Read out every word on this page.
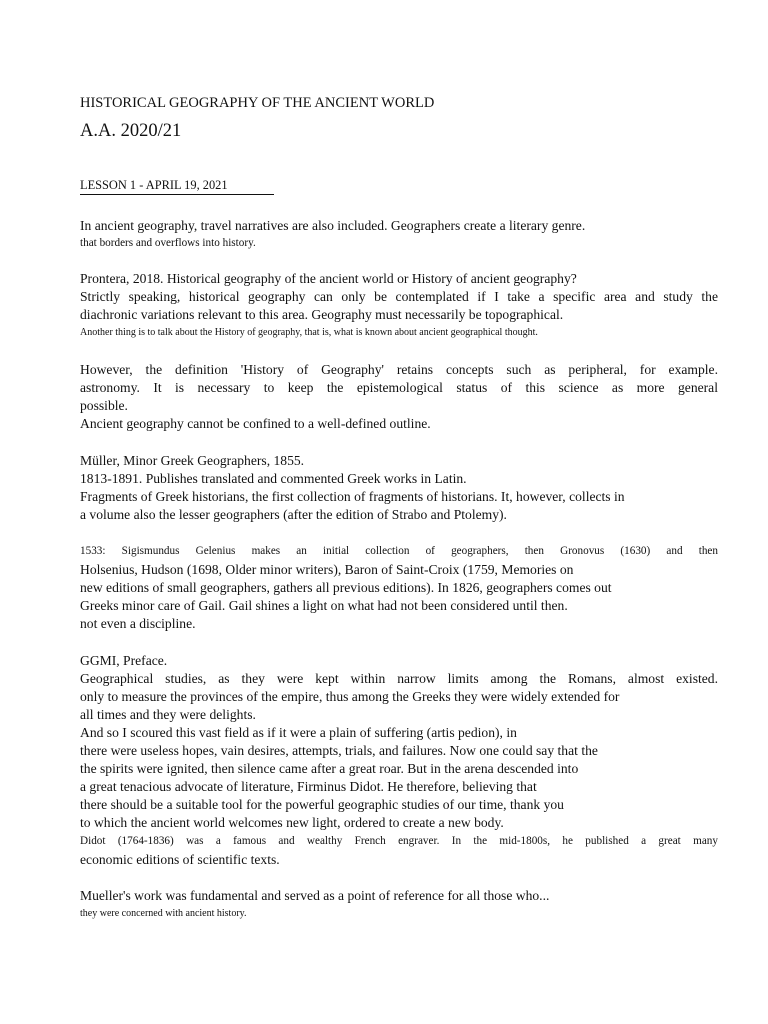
HISTORICAL GEOGRAPHY OF THE ANCIENT WORLD
A.A. 2020/21
LESSON 1 - APRIL 19, 2021
In ancient geography, travel narratives are also included. Geographers create a literary genre.
that borders and overflows into history.
Prontera, 2018. Historical geography of the ancient world or History of ancient geography?
Strictly speaking, historical geography can only be contemplated if I take a specific area and study the
diachronic variations relevant to this area. Geography must necessarily be topographical.
Another thing is to talk about the History of geography, that is, what is known about ancient geographical thought.
However, the definition 'History of Geography' retains concepts such as peripheral, for example.
astronomy. It is necessary to keep the epistemological status of this science as more general
possible.
Ancient geography cannot be confined to a well-defined outline.
Müller, Minor Greek Geographers, 1855.
1813-1891. Publishes translated and commented Greek works in Latin.
Fragments of Greek historians, the first collection of fragments of historians. It, however, collects in
a volume also the lesser geographers (after the edition of Strabo and Ptolemy).
1533: Sigismundus Gelenius makes an initial collection of geographers, then Gronovus (1630) and then
Holsenius, Hudson (1698, Older minor writers), Baron of Saint-Croix (1759, Memories on
new editions of small geographers, gathers all previous editions). In 1826, geographers comes out
Greeks minor care of Gail. Gail shines a light on what had not been considered until then.
not even a discipline.
GGMI, Preface.
Geographical studies, as they were kept within narrow limits among the Romans, almost existed.
only to measure the provinces of the empire, thus among the Greeks they were widely extended for
all times and they were delights.
And so I scoured this vast field as if it were a plain of suffering (artis pedion), in
there were useless hopes, vain desires, attempts, trials, and failures. Now one could say that the
the spirits were ignited, then silence came after a great roar. But in the arena descended into
a great tenacious advocate of literature, Firminus Didot. He therefore, believing that
there should be a suitable tool for the powerful geographic studies of our time, thank you
to which the ancient world welcomes new light, ordered to create a new body.
Didot (1764-1836) was a famous and wealthy French engraver. In the mid-1800s, he published a great many
economic editions of scientific texts.
Mueller's work was fundamental and served as a point of reference for all those who...
they were concerned with ancient history.
